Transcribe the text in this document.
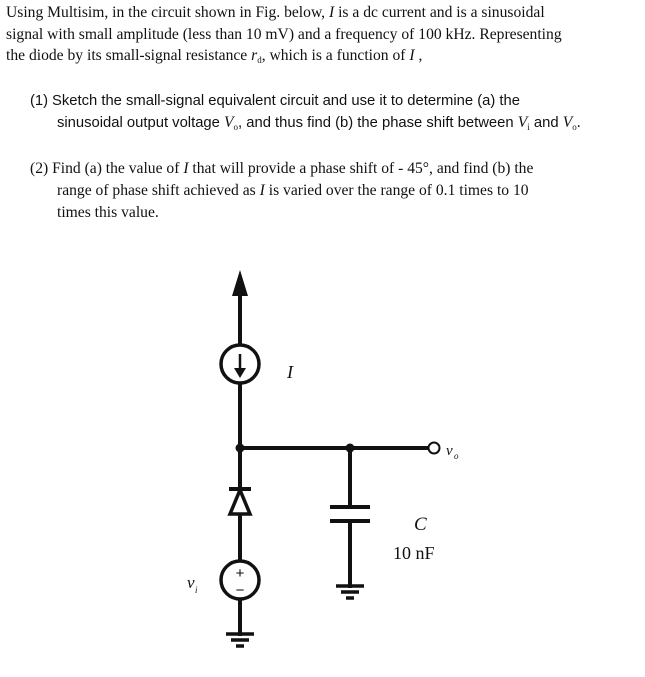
Using Multisim, in the circuit shown in Fig. below, I is a dc current and is a sinusoidal
signal with small amplitude (less than 10 mV) and a frequency of 100 kHz. Representing
the diode by its small-signal resistance $r_d$, which is a function of I ,
(1) Sketch the small-signal equivalent circuit and use it to determine (a) the
sinusoidal output voltage $V_o$, and thus find (b) the phase shift between $V_i$ and $V_o$.
(2) Find (a) the value of I that will provide a phase shift of - 45°, and find (b) the
range of phase shift achieved as I is varied over the range of 0.1 times to 10
times this value.
I
v o
C
10 nF
v i
+
−
